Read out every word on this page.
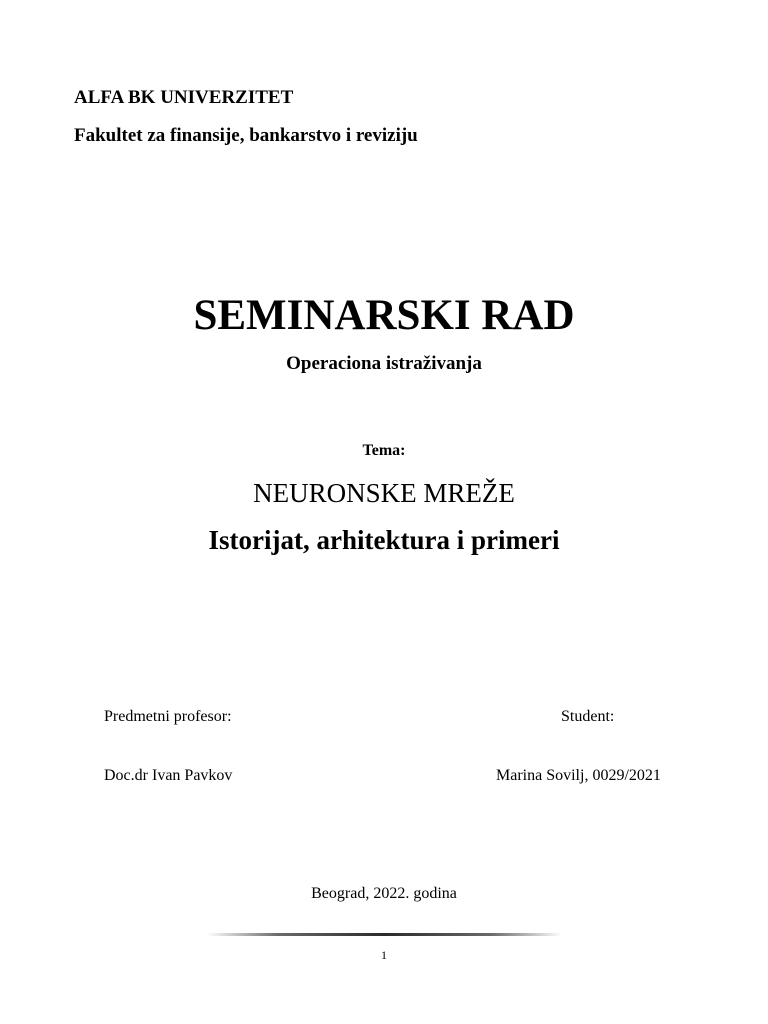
ALFA BK UNIVERZITET
Fakultet za finansije, bankarstvo i reviziju
SEMINARSKI RAD
Operaciona istraživanja
Tema:
NEURONSKE MREŽE
Istorijat, arhitektura i primeri
Predmetni profesor:	Student:
Doc.dr Ivan Pavkov	Marina Sovilj, 0029/2021
Beograd, 2022. godina
1
